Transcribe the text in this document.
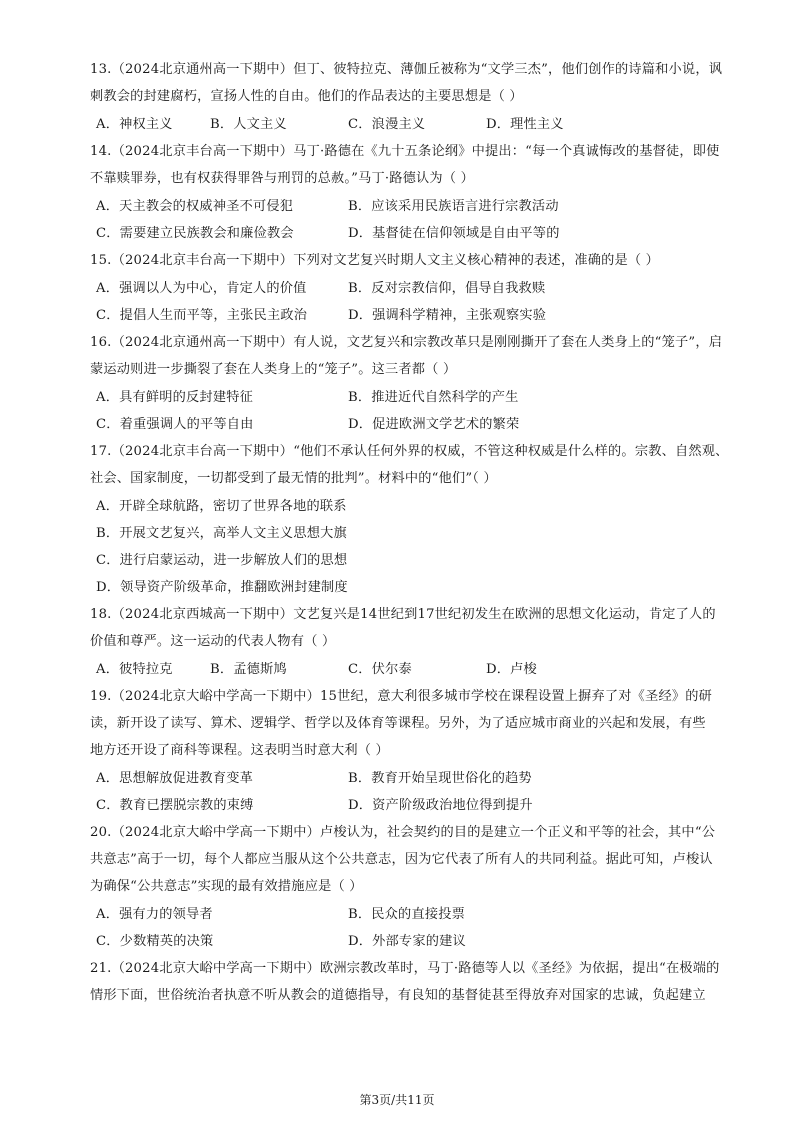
13.（2024北京通州高一下期中）但丁、彼特拉克、薄伽丘被称为“文学三杰”，他们创作的诗篇和小说，讽
刺教会的封建腐朽，宣扬人性的自由。他们的作品表达的主要思想是（ ）
A．神权主义	B．人文主义	C．浪漫主义	D．理性主义
14.（2024北京丰台高一下期中）马丁·路德在《九十五条论纲》中提出：“每一个真诚悔改的基督徒，即使
不靠赎罪券，也有权获得罪咎与刑罚的总赦。”马丁·路德认为（ ）
A．天主教会的权威神圣不可侵犯	B．应该采用民族语言进行宗教活动
C．需要建立民族教会和廉俭教会	D．基督徒在信仰领域是自由平等的
15.（2024北京丰台高一下期中）下列对文艺复兴时期人文主义核心精神的表述，准确的是（ ）
A．强调以人为中心，肯定人的价值	B．反对宗教信仰，倡导自我救赎
C．提倡人生而平等，主张民主政治	D．强调科学精神，主张观察实验
16.（2024北京通州高一下期中）有人说，文艺复兴和宗教改革只是刚刚撕开了套在人类身上的“笼子”，启
蒙运动则进一步撕裂了套在人类身上的“笼子”。这三者都（ ）
A．具有鲜明的反封建特征	B．推进近代自然科学的产生
C．着重强调人的平等自由	D．促进欧洲文学艺术的繁荣
17.（2024北京丰台高一下期中）“他们不承认任何外界的权威，不管这种权威是什么样的。宗教、自然观、
社会、国家制度，一切都受到了最无情的批判”。材料中的“他们”（ ）
A．开辟全球航路，密切了世界各地的联系
B．开展文艺复兴，高举人文主义思想大旗
C．进行启蒙运动，进一步解放人们的思想
D．领导资产阶级革命，推翻欧洲封建制度
18.（2024北京西城高一下期中）文艺复兴是14世纪到17世纪初发生在欧洲的思想文化运动，肯定了人的
价值和尊严。这一运动的代表人物有（ ）
A．彼特拉克	B．孟德斯鸠	C．伏尔泰	D．卢梭
19.（2024北京大峪中学高一下期中）15世纪，意大利很多城市学校在课程设置上摒弃了对《圣经》的研
读，新开设了读写、算术、逻辑学、哲学以及体育等课程。另外，为了适应城市商业的兴起和发展，有些
地方还开设了商科等课程。这表明当时意大利（ ）
A．思想解放促进教育变革	B．教育开始呈现世俗化的趋势
C．教育已摆脱宗教的束缚	D．资产阶级政治地位得到提升
20.（2024北京大峪中学高一下期中）卢梭认为，社会契约的目的是建立一个正义和平等的社会，其中“公
共意志”高于一切，每个人都应当服从这个公共意志，因为它代表了所有人的共同利益。据此可知，卢梭认
为确保“公共意志”实现的最有效措施应是（ ）
A．强有力的领导者	B．民众的直接投票
C．少数精英的决策	D．外部专家的建议
21.（2024北京大峪中学高一下期中）欧洲宗教改革时，马丁·路德等人以《圣经》为依据，提出“在极端的
情形下面，世俗统治者执意不听从教会的道德指导，有良知的基督徒甚至得放弃对国家的忠诚，负起建立
第3页/共11页
